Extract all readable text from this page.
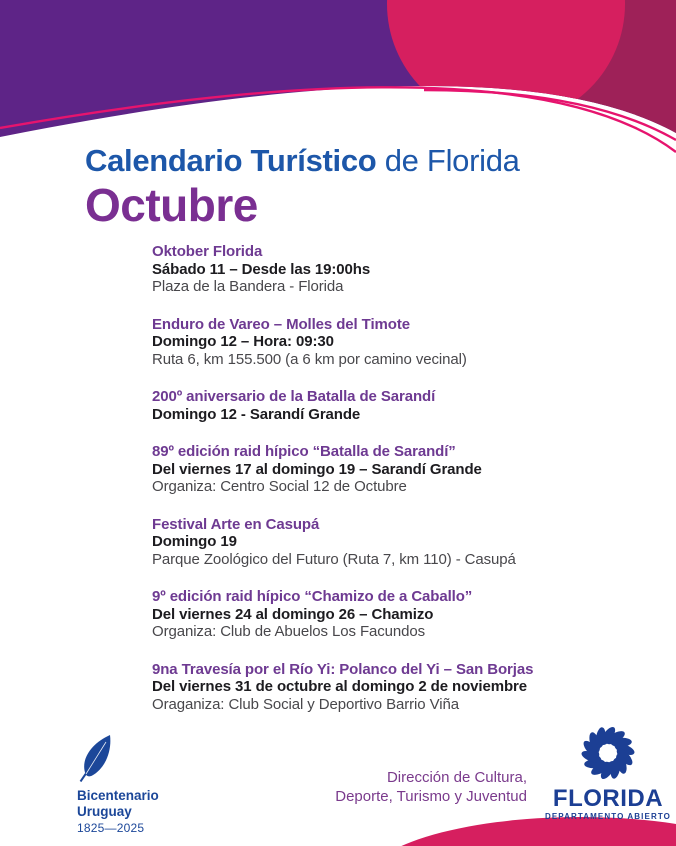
Calendario Turístico de Florida
Octubre

Oktober Florida

Sábado 11 – Desde las 19:00hs

Plaza de la Bandera - Florida

Enduro de Vareo – Molles del Timote

Domingo 12 – Hora: 09:30

Ruta 6, km 155.500 (a 6 km por camino vecinal)

200º aniversario de la Batalla de Sarandí

Domingo 12 - Sarandí Grande

89º edición raid hípico “Batalla de Sarandí”

Del viernes 17 al domingo 19 – Sarandí Grande

Organiza: Centro Social 12 de Octubre

Festival Arte en Casupá

Domingo 19

Parque Zoológico del Futuro (Ruta 7, km 110) - Casupá

9º edición raid hípico “Chamizo de a Caballo”

Del viernes 24 al domingo 26 – Chamizo

Organiza: Club de Abuelos Los Facundos

9na Travesía por el Río Yi: Polanco del Yi – San Borjas

Del viernes 31 de octubre al domingo 2 de noviembre

Oraganiza: Club Social y Deportivo Barrio Viña

Bicentenario
Uruguay
1825—2025
Dirección de Cultura,
Deporte, Turismo y Juventud	FLORIDA
DEPARTAMENTO ABIERTO
